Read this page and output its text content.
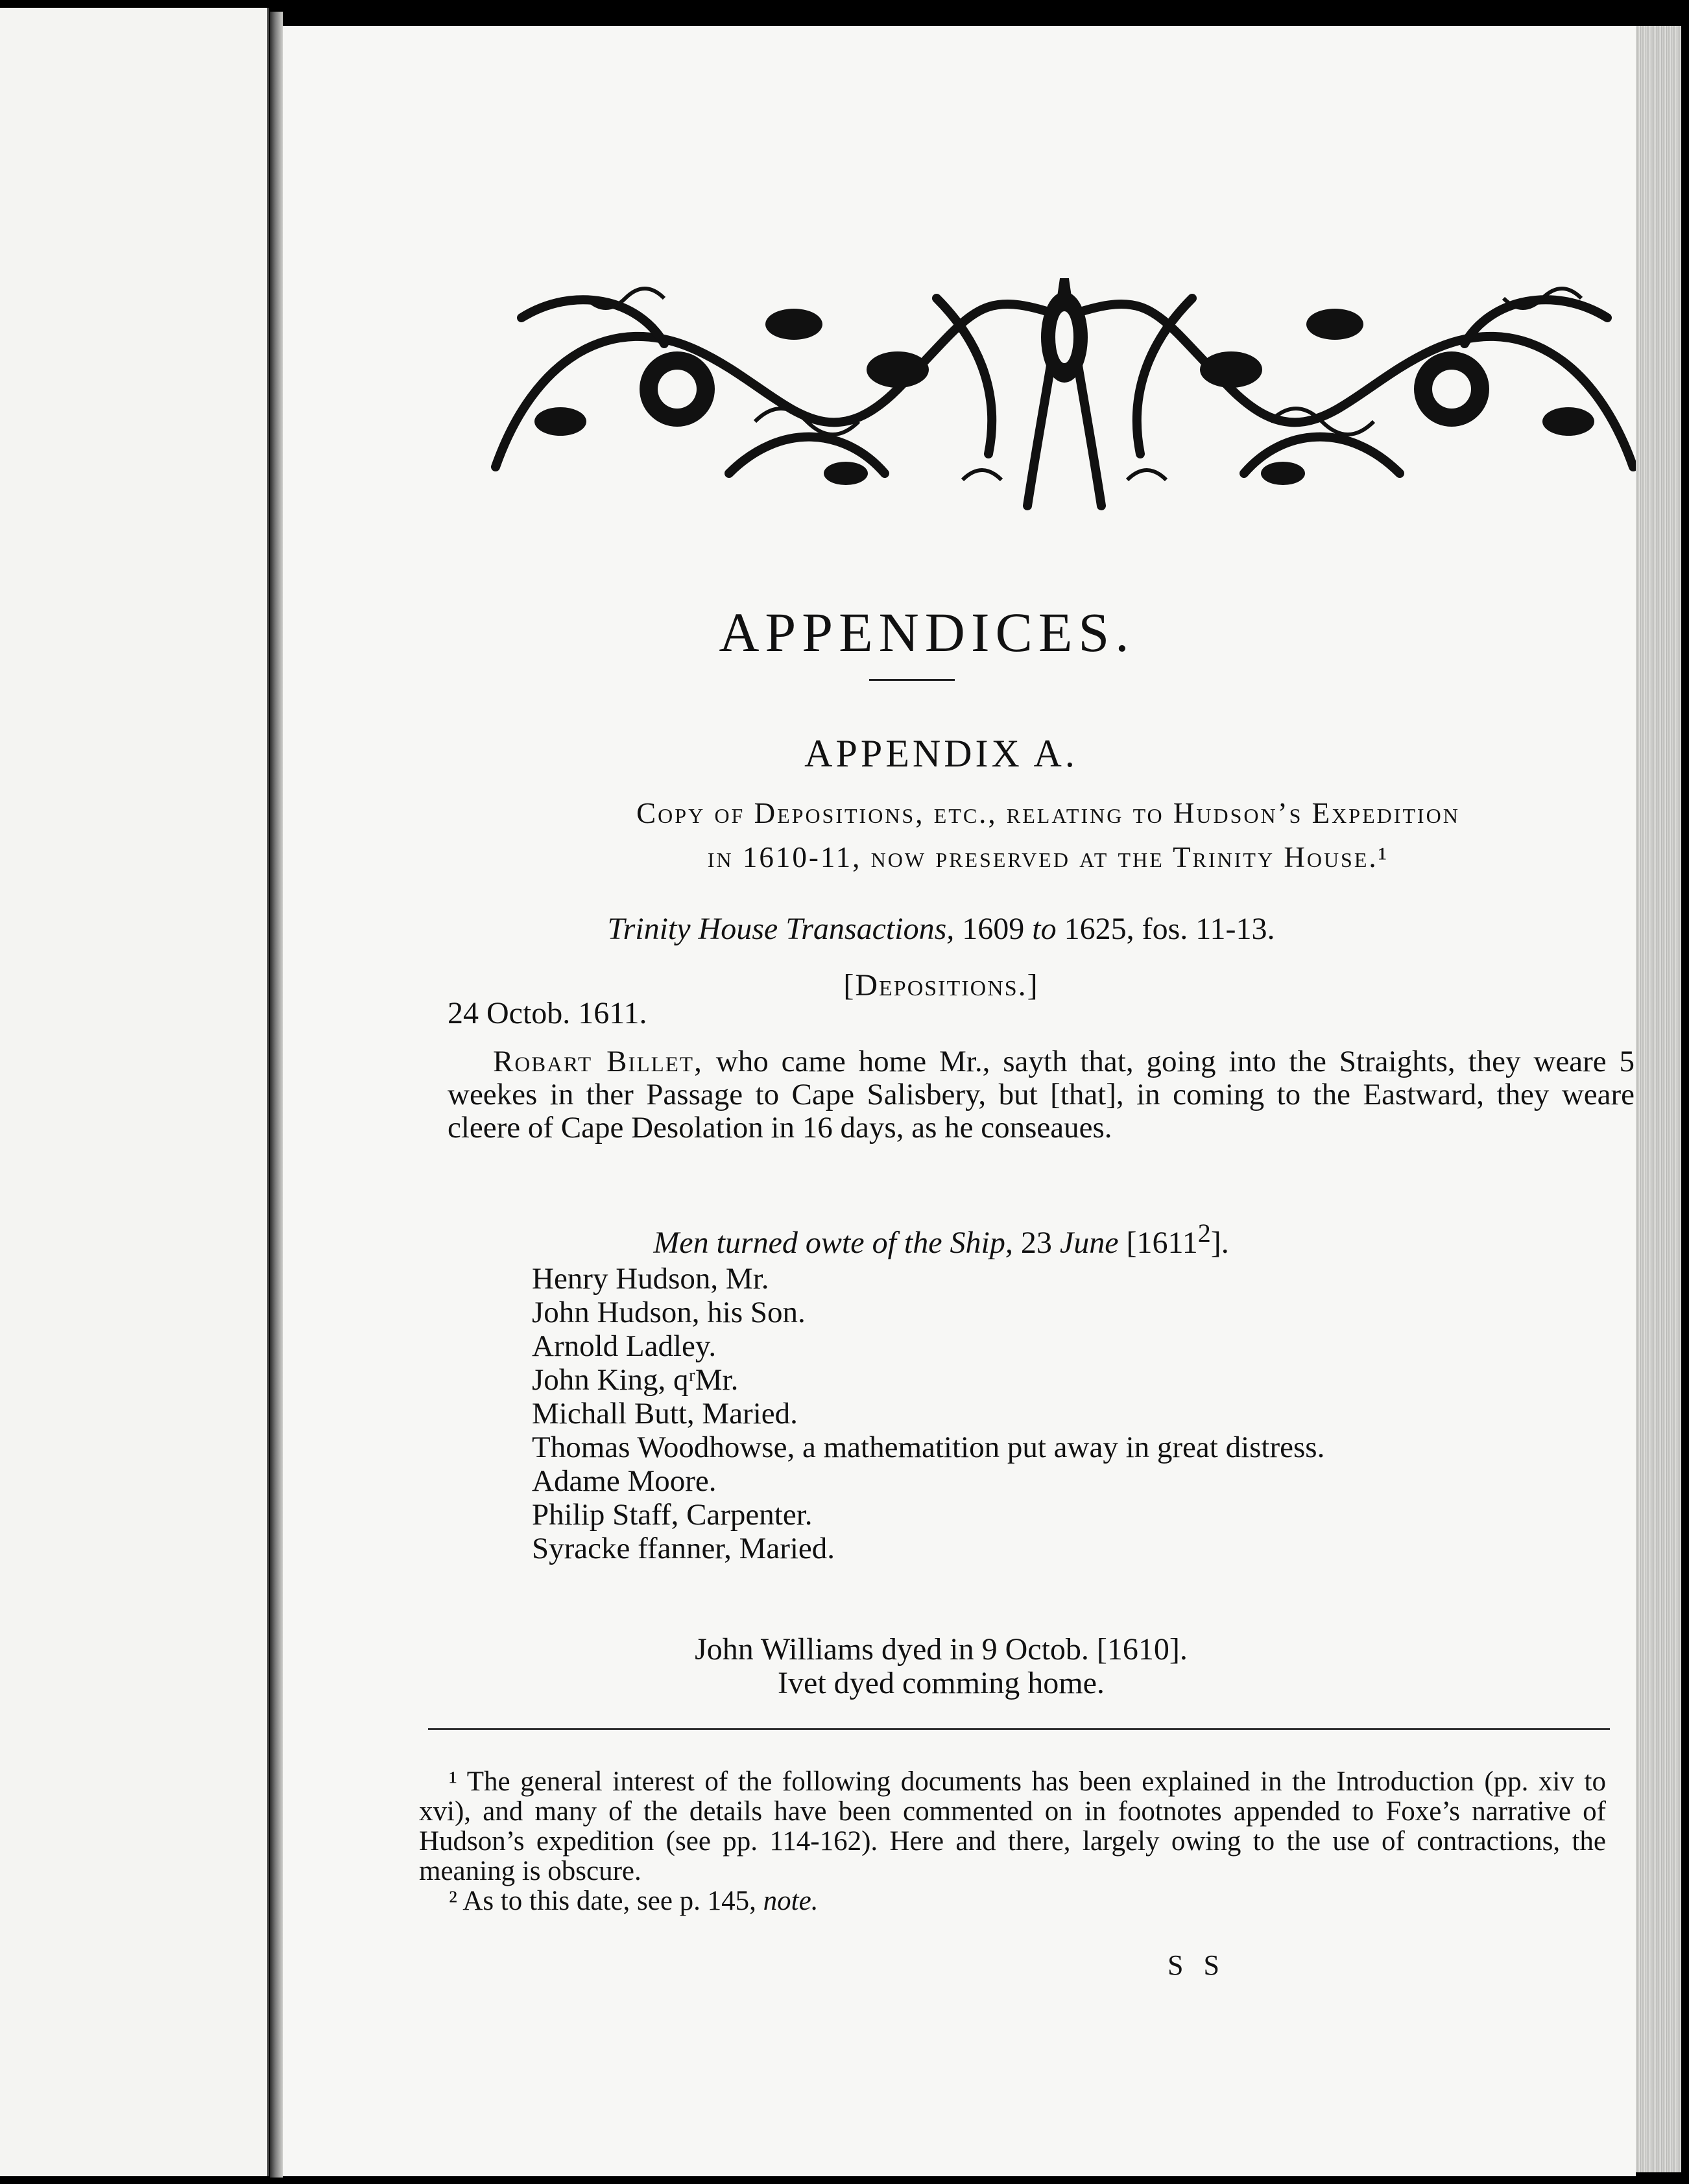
APPENDICES.
APPENDIX A.
Copy of Depositions, etc., relating to Hudson’s Expedition
in 1610-11, now preserved at the Trinity House.¹
Trinity House Transactions, 1609 to 1625, fos. 11-13.
[Depositions.]
24 Octob. 1611.
Robart Billet, who came home Mr., sayth that, going into the Straights, they weare 5 weekes in ther Passage to Cape Salisbery, but [that], in coming to the Eastward, they weare cleere of Cape Desolation in 16 days, as he conseaues.
Men turned owte of the Ship, 23 June [1611$^2$].
Henry Hudson, Mr.
John Hudson, his Son.
Arnold Ladley.
John King, qʳMr.
Michall Butt, Maried.
Thomas Woodhowse, a mathematition put away in great distress.
Adame Moore.
Philip Staff, Carpenter.
Syracke ffanner, Maried.
John Williams dyed in 9 Octob. [1610].
Ivet dyed comming home.

¹ The general interest of the following documents has been explained in the Introduction (pp. xiv to xvi), and many of the details have been commented on in footnotes appended to Foxe’s narrative of Hudson’s expedition (see pp. 114-162). Here and there, largely owing to the use of contractions, the meaning is obscure.

² As to this date, see p. 145, note.

S S
